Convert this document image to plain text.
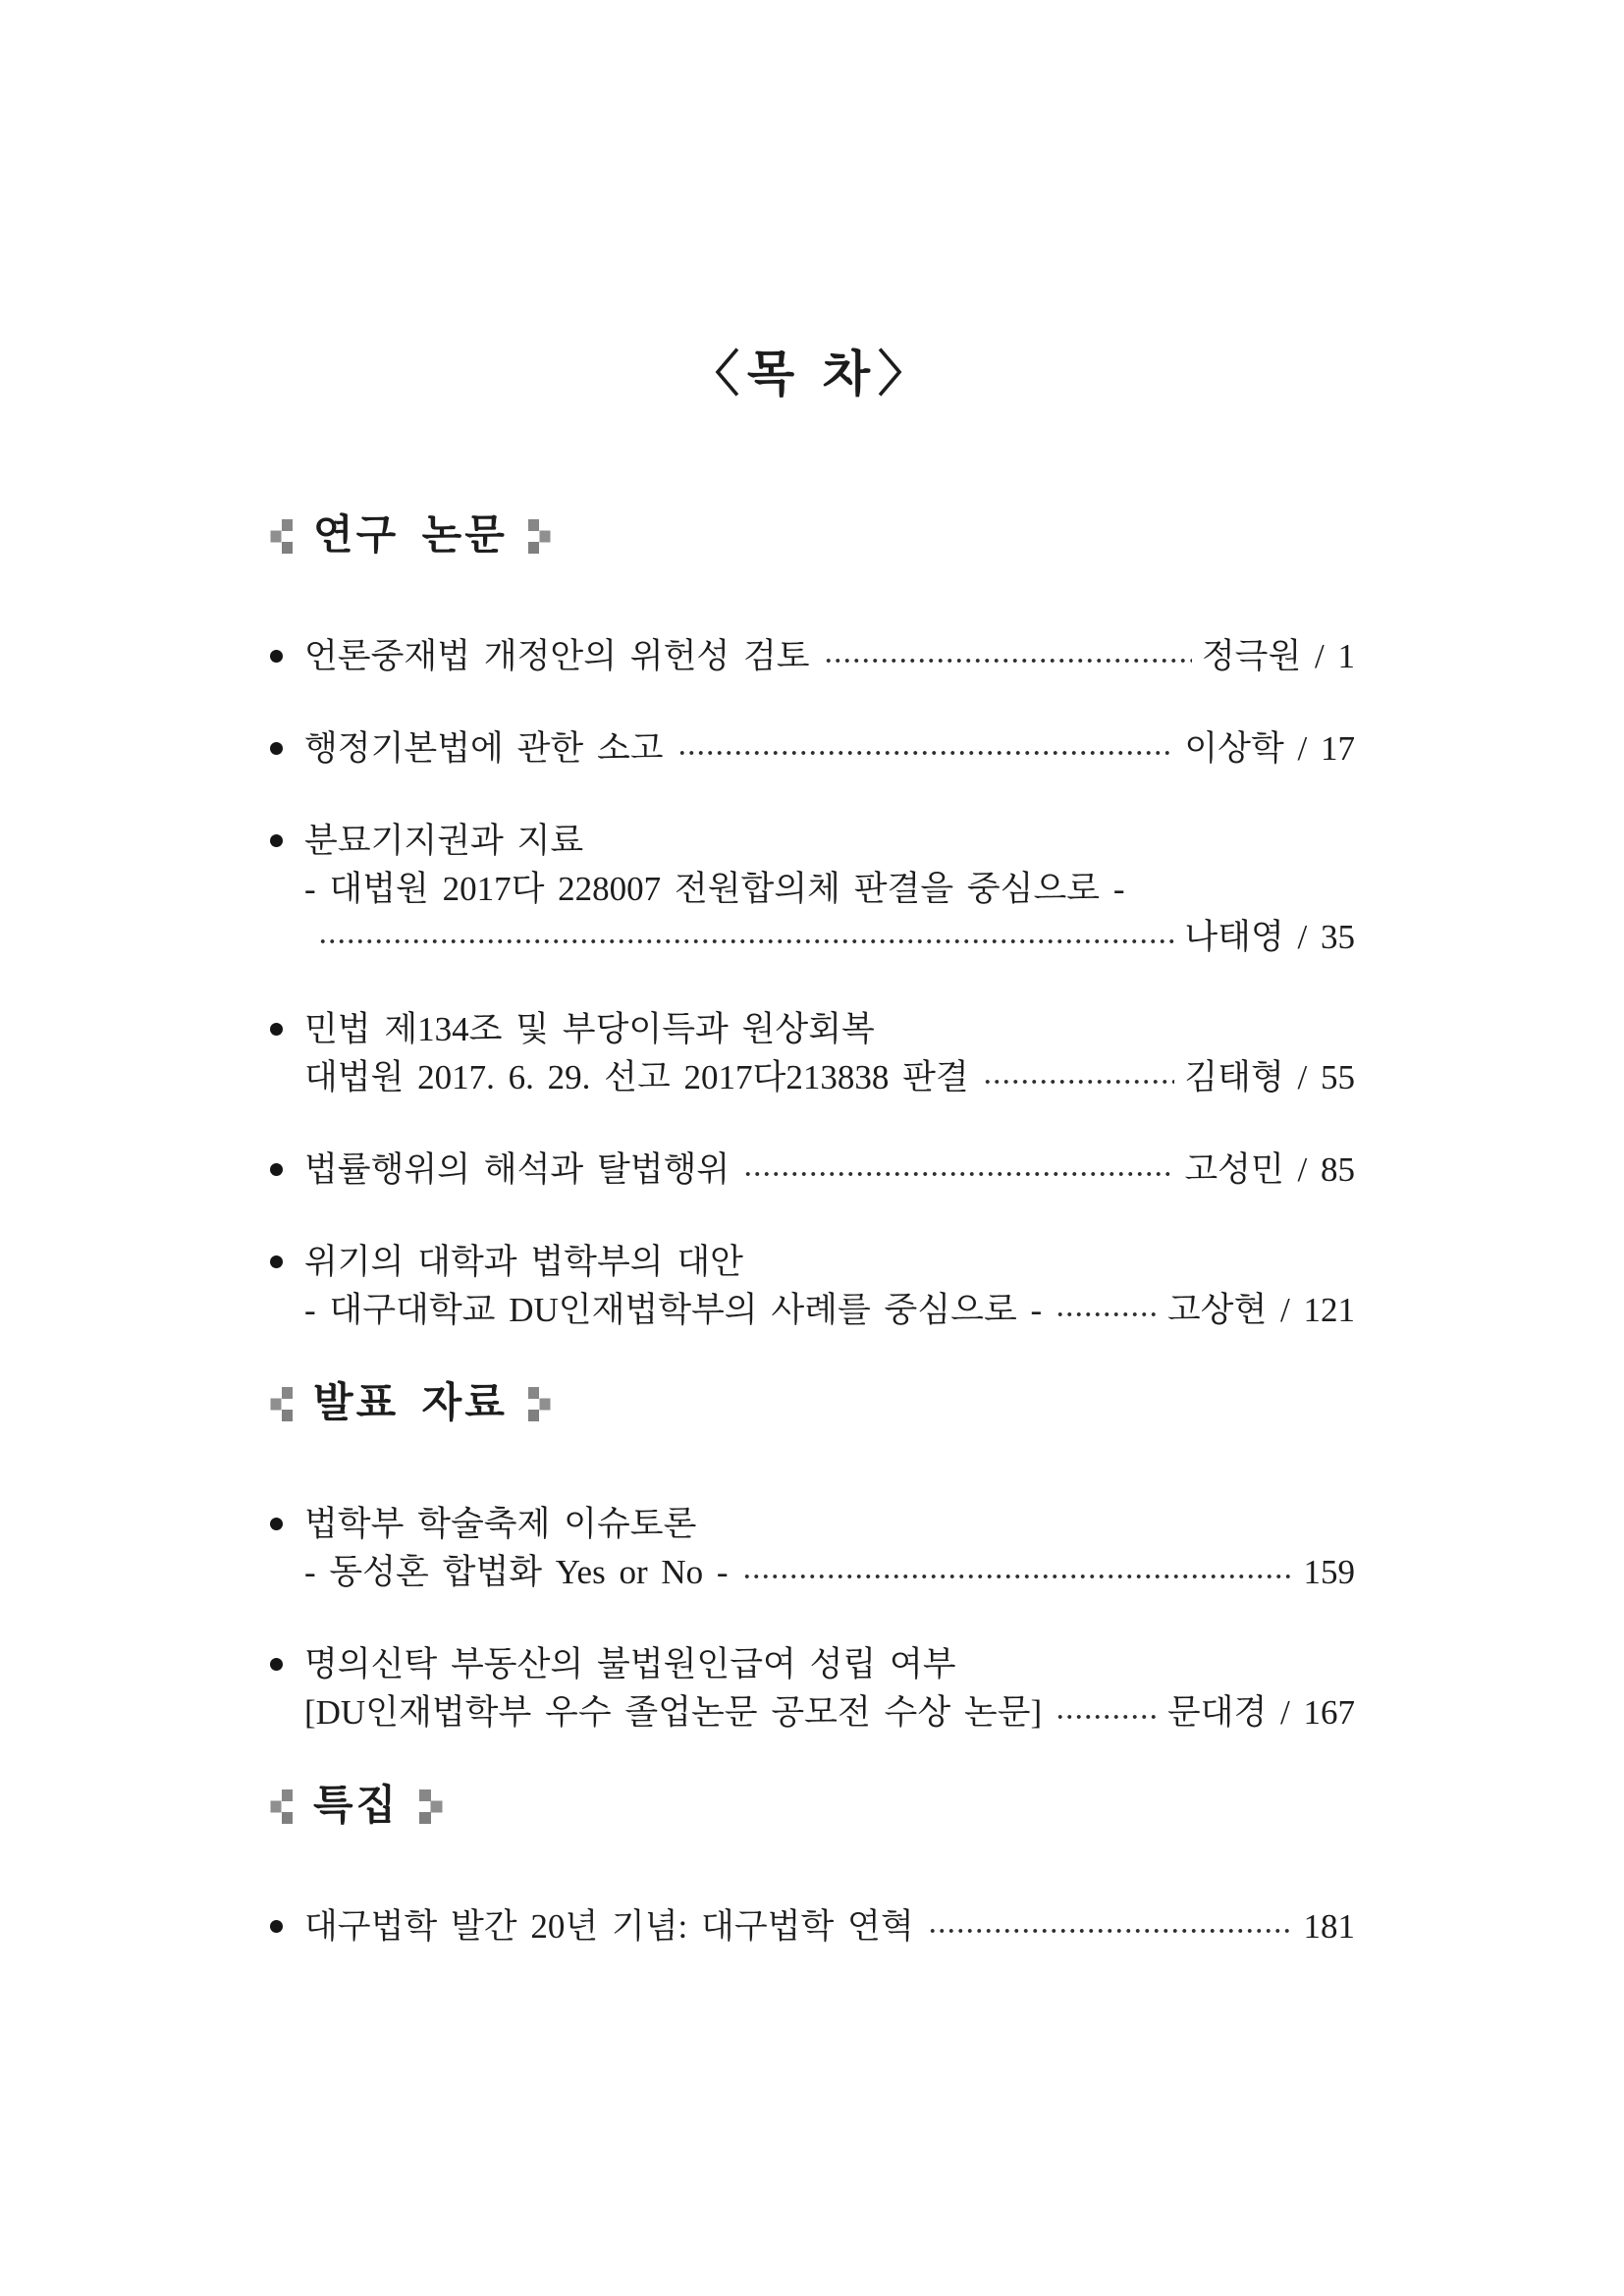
〈목 차〉
연구 논문
언론중재법 개정안의 위헌성 검토	정극원 / 1
행정기본법에 관한 소고	이상학 / 17
분묘기지권과 지료
- 대법원 2017다 228007 전원합의체 판결을 중심으로 -
나태영 / 35
민법 제134조 및 부당이득과 원상회복
대법원 2017. 6. 29. 선고 2017다213838 판결	김태형 / 55
법률행위의 해석과 탈법행위	고성민 / 85
위기의 대학과 법학부의 대안
- 대구대학교 DU인재법학부의 사례를 중심으로 -	고상현 / 121
발표 자료
법학부 학술축제 이슈토론
- 동성혼 합법화 Yes or No -	159
명의신탁 부동산의 불법원인급여 성립 여부
[DU인재법학부 우수 졸업논문 공모전 수상 논문]	문대경 / 167
특집
대구법학 발간 20년 기념: 대구법학 연혁	181
